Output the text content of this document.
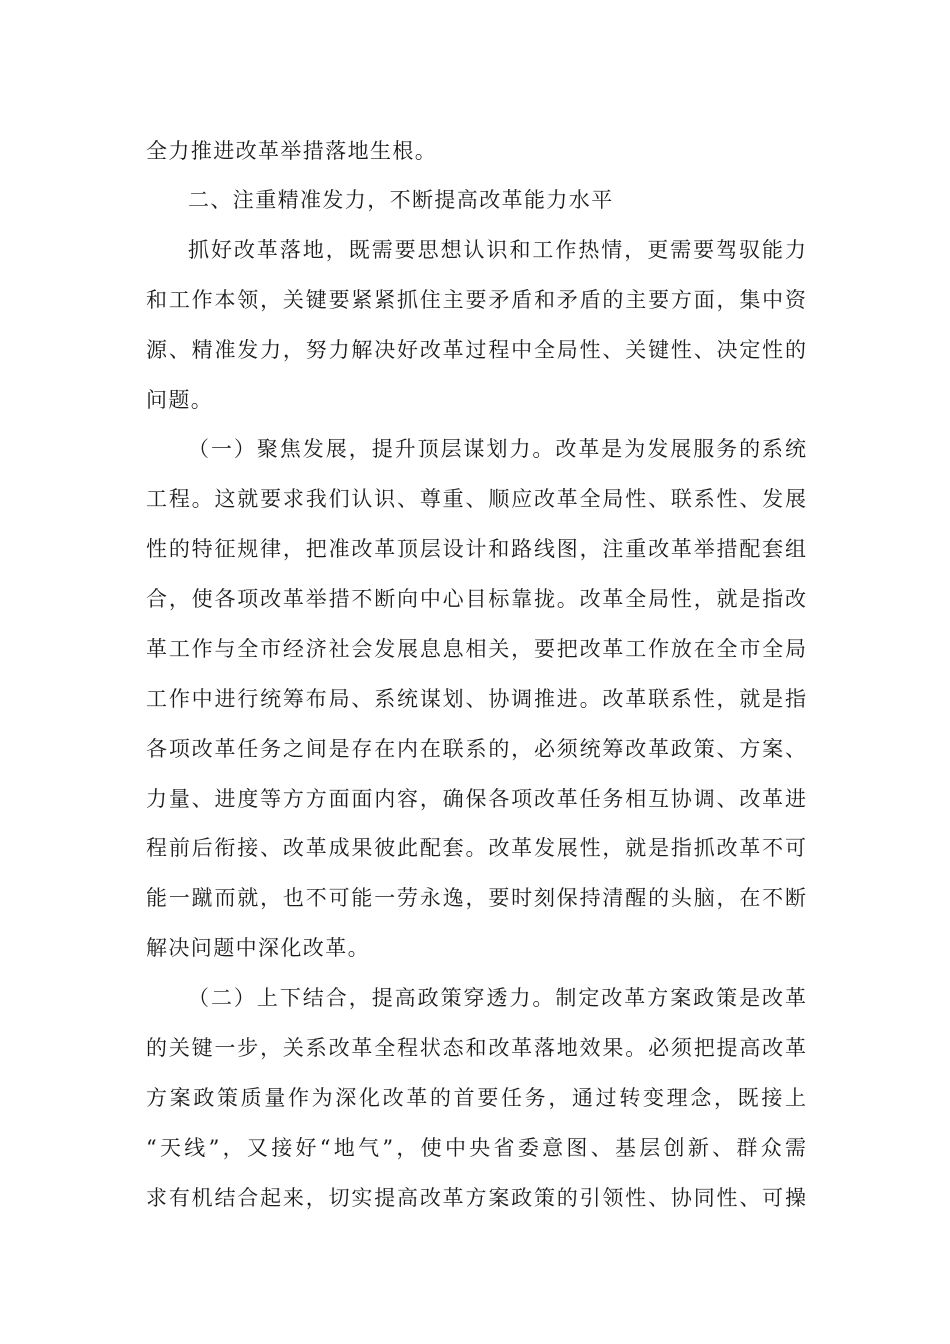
全力推进改革举措落地生根。
二、注重精准发力，不断提高改革能力水平
抓好改革落地，既需要思想认识和工作热情，更需要驾驭能力
和工作本领，关键要紧紧抓住主要矛盾和矛盾的主要方面，集中资
源、精准发力，努力解决好改革过程中全局性、关键性、决定性的
问题。
（一）聚焦发展，提升顶层谋划力。改革是为发展服务的系统
工程。这就要求我们认识、尊重、顺应改革全局性、联系性、发展
性的特征规律，把准改革顶层设计和路线图，注重改革举措配套组
合，使各项改革举措不断向中心目标靠拢。改革全局性，就是指改
革工作与全市经济社会发展息息相关，要把改革工作放在全市全局
工作中进行统筹布局、系统谋划、协调推进。改革联系性，就是指
各项改革任务之间是存在内在联系的，必须统筹改革政策、方案、
力量、进度等方方面面内容，确保各项改革任务相互协调、改革进
程前后衔接、改革成果彼此配套。改革发展性，就是指抓改革不可
能一蹴而就，也不可能一劳永逸，要时刻保持清醒的头脑，在不断
解决问题中深化改革。
（二）上下结合，提高政策穿透力。制定改革方案政策是改革
的关键一步，关系改革全程状态和改革落地效果。必须把提高改革
方案政策质量作为深化改革的首要任务，通过转变理念，既接上
“天线”，又接好“地气”，使中央省委意图、基层创新、群众需
求有机结合起来，切实提高改革方案政策的引领性、协同性、可操
